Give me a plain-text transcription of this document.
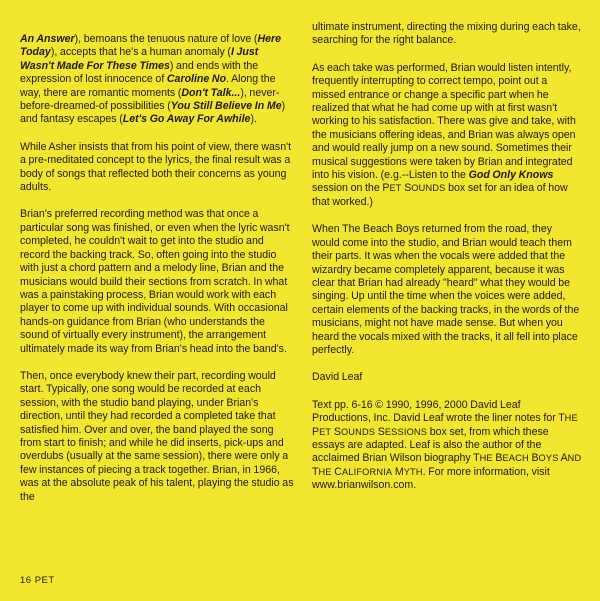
An Answer), bemoans the tenuous nature of love (Here Today), accepts that he's a human anomaly (I Just Wasn't Made For These Times) and ends with the expression of lost innocence of Caroline No. Along the way, there are romantic moments (Don't Talk...), never-before-dreamed-of possibilities (You Still Believe In Me) and fantasy escapes (Let's Go Away For Awhile).

While Asher insists that from his point of view, there wasn't a pre-meditated concept to the lyrics, the final result was a body of songs that reflected both their concerns as young adults.

Brian's preferred recording method was that once a particular song was finished, or even when the lyric wasn't completed, he couldn't wait to get into the studio and record the backing track. So, often going into the studio with just a chord pattern and a melody line, Brian and the musicians would build their sections from scratch. In what was a painstaking process, Brian would work with each player to come up with individual sounds. With occasional hands-on guidance from Brian (who understands the sound of virtually every instrument), the arrangement ultimately made its way from Brian's head into the band's.

Then, once everybody knew their part, recording would start. Typically, one song would be recorded at each session, with the studio band playing, under Brian's direction, until they had recorded a completed take that satisfied him. Over and over, the band played the song from start to finish; and while he did inserts, pick-ups and overdubs (usually at the same session), there were only a few instances of piecing a track together. Brian, in 1966, was at the absolute peak of his talent, playing the studio as the

ultimate instrument, directing the mixing during each take, searching for the right balance.

As each take was performed, Brian would listen intently, frequently interrupting to correct tempo, point out a missed entrance or change a specific part when he realized that what he had come up with at first wasn't working to his satisfaction. There was give and take, with the musicians offering ideas, and Brian was always open and would really jump on a new sound. Sometimes their musical suggestions were taken by Brian and integrated into his vision. (e.g.--Listen to the God Only Knows session on the PET SOUNDS box set for an idea of how that worked.)

When The Beach Boys returned from the road, they would come into the studio, and Brian would teach them their parts. It was when the vocals were added that the wizardry became completely apparent, because it was clear that Brian had already "heard" what they would be singing. Up until the time when the voices were added, certain elements of the backing tracks, in the words of the musicians, might not have made sense. But when you heard the vocals mixed with the tracks, it all fell into place perfectly.

David Leaf

Text pp. 6-16 © 1990, 1996, 2000 David Leaf Productions, Inc. David Leaf wrote the liner notes for THE PET SOUNDS SESSIONS box set, from which these essays are adapted. Leaf is also the author of the acclaimed Brian Wilson biography THE BEACH BOYS AND THE CALIFORNIA MYTH. For more information, visit www.brianwilson.com.

16 PET
